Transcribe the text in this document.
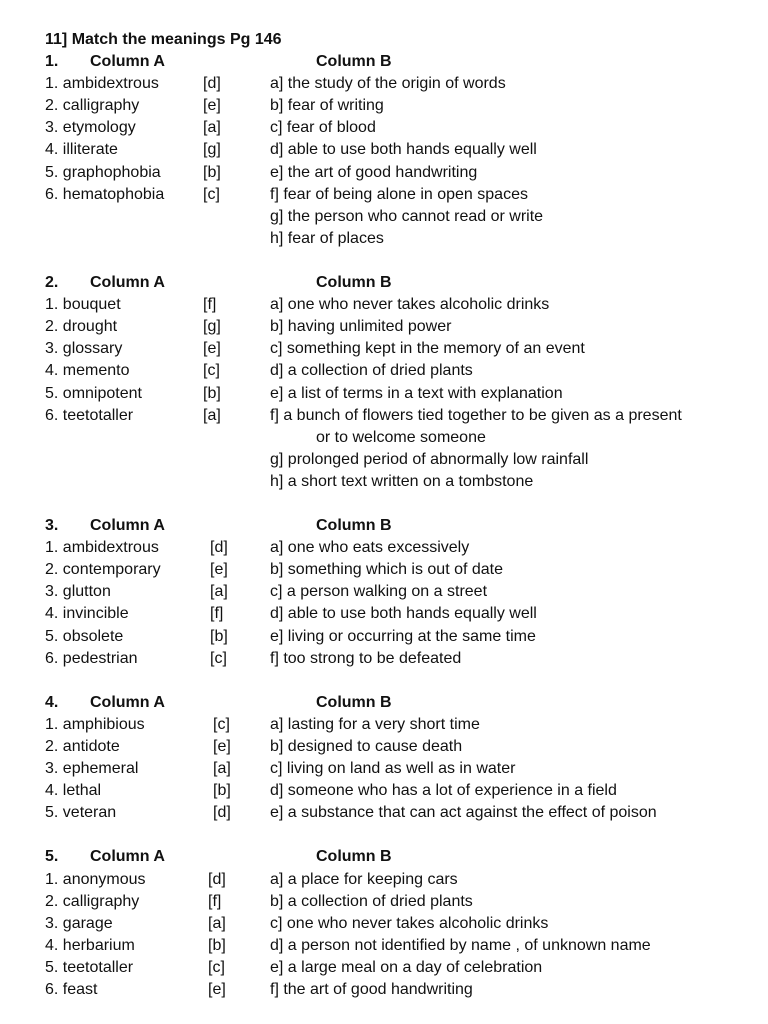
11] Match the meanings Pg 146
1. Column A	Column B
1. ambidextrous	[d]	a] the study of the origin of words
2. calligraphy	[e]	b] fear of writing
3. etymology	[a]	c] fear of blood
4. illiterate	[g]	d] able to use both hands equally well
5. graphophobia	[b]	e] the art of good handwriting
6. hematophobia [c]	f] fear of being alone in open spaces
g] the person who cannot read or write
h] fear of places
2. Column A	Column B
1. bouquet	[f]	a] one who never takes alcoholic drinks
2. drought	[g]	b] having unlimited power
3. glossary	[e]	c] something kept in the memory of an event
4. memento	[c]	d] a collection of dried plants
5. omnipotent	[b]	e] a list of terms in a text with explanation
6. teetotaller	[a]	f] a bunch of flowers tied together to be given as a present
or to welcome someone
g] prolonged period of abnormally low rainfall
h] a short text written on a tombstone
3. Column A	Column B
1. ambidextrous	[d]	a] one who eats excessively
2. contemporary	[e]	b] something which is out of date
3. glutton	[a]	c] a person walking on a street
4. invincible	[f]	d] able to use both hands equally well
5. obsolete	[b]	e] living or occurring at the same time
6. pedestrian	[c]	f] too strong to be defeated
4. Column A	Column B
1. amphibious	[c]	a] lasting for a very short time
2. antidote	[e] b] designed to cause death
3. ephemeral	[a] c] living on land as well as in water
4. lethal	[b] d] someone who has a lot of experience in a field
5. veteran	[d] e] a substance that can act against the effect of poison
5. Column A	Column B
1. anonymous	[d]	a] a place for keeping cars
2. calligraphy	[f]	b] a collection of dried plants
3. garage	[a]	c] one who never takes alcoholic drinks
4. herbarium	[b]	d] a person not identified by name , of unknown name
5. teetotaller	[c]	e] a large meal on a day of celebration
6. feast	[e]	f] the art of good handwriting
